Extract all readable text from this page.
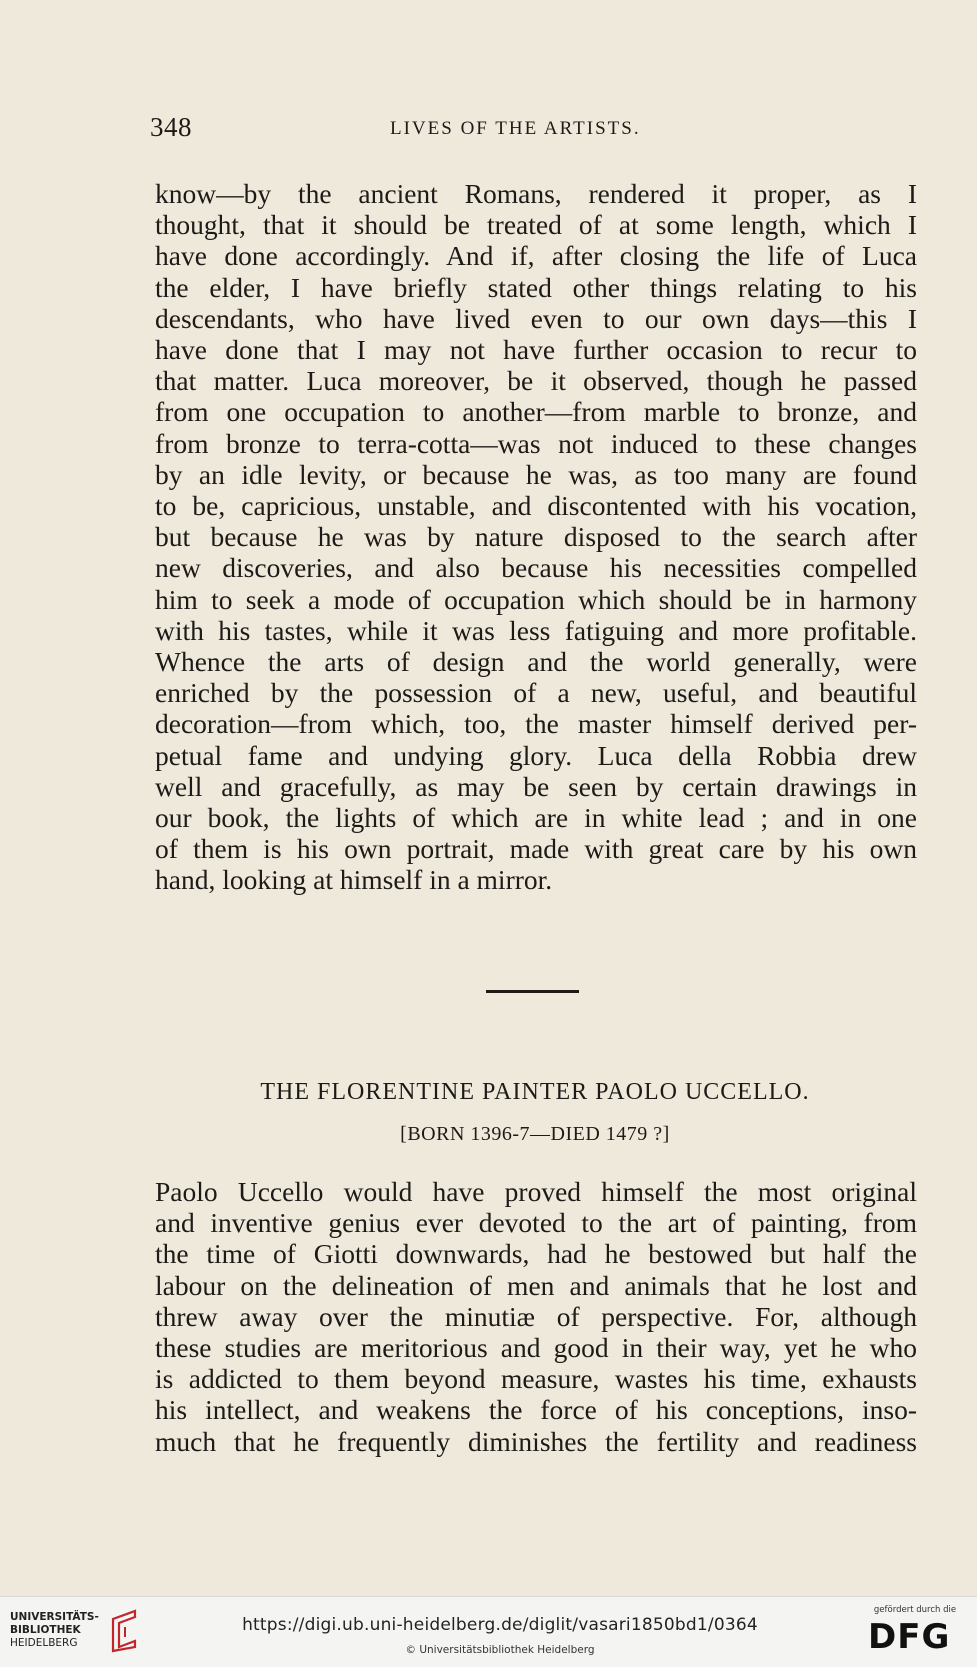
348	LIVES OF THE ARTISTS.

know—by the ancient Romans, rendered it proper, as I
thought, that it should be treated of at some length, which I
have done accordingly. And if, after closing the life of Luca
the elder, I have briefly stated other things relating to his
descendants, who have lived even to our own days—this I
have done that I may not have further occasion to recur to
that matter. Luca moreover, be it observed, though he passed
from one occupation to another—from marble to bronze, and
from bronze to terra-cotta—was not induced to these changes
by an idle levity, or because he was, as too many are found
to be, capricious, unstable, and discontented with his vocation,
but because he was by nature disposed to the search after
new discoveries, and also because his necessities compelled
him to seek a mode of occupation which should be in harmony
with his tastes, while it was less fatiguing and more profitable.
Whence the arts of design and the world generally, were
enriched by the possession of a new, useful, and beautiful
decoration—from which, too, the master himself derived per-
petual fame and undying glory. Luca della Robbia drew
well and gracefully, as may be seen by certain drawings in
our book, the lights of which are in white lead ; and in one
of them is his own portrait, made with great care by his own
hand, looking at himself in a mirror.

THE FLORENTINE PAINTER PAOLO UCCELLO.
[BORN 1396-7—DIED 1479 ?]

Paolo Uccello would have proved himself the most original
and inventive genius ever devoted to the art of painting, from
the time of Giotti downwards, had he bestowed but half the
labour on the delineation of men and animals that he lost and
threw away over the minutiæ of perspective. For, although
these studies are meritorious and good in their way, yet he who
is addicted to them beyond measure, wastes his time, exhausts
his intellect, and weakens the force of his conceptions, inso-
much that he frequently diminishes the fertility and readiness

UNIVERSITÄTS-
BIBLIOTHEK
HEIDELBERG
https://digi.ub.uni-heidelberg.de/diglit/vasari1850bd1/0364
© Universitätsbibliothek Heidelberg
gefördert durch die
DFG
